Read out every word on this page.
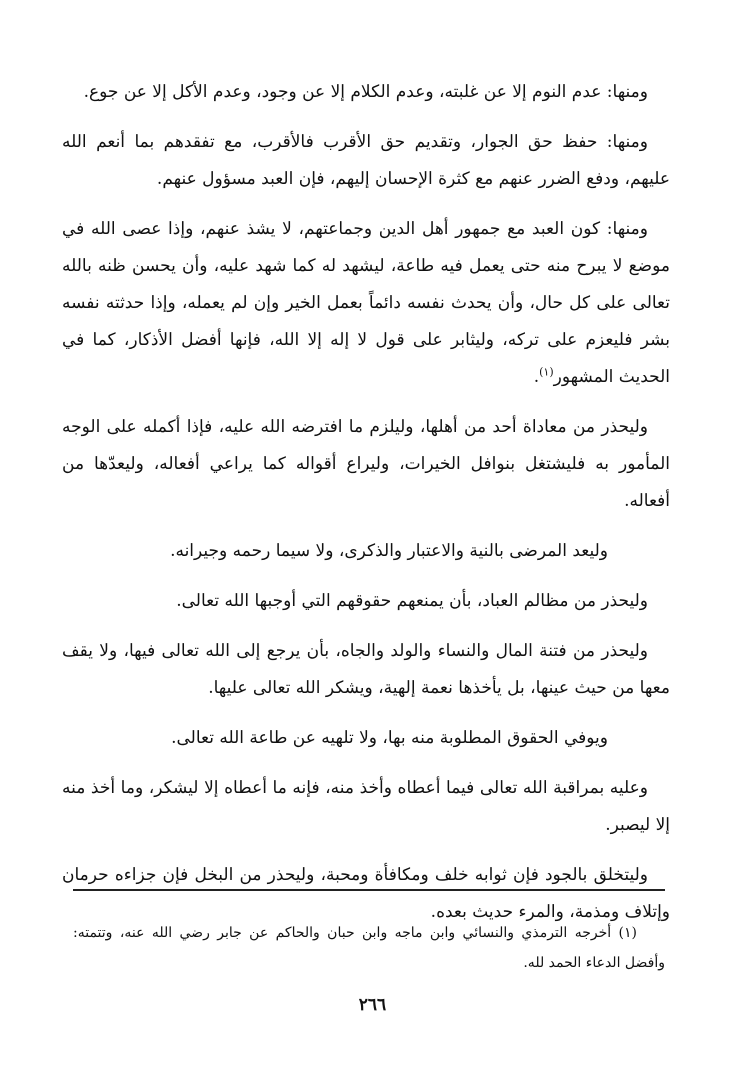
ومنها: عدم النوم إلا عن غلبته، وعدم الكلام إلا عن وجود، وعدم الأكل إلا عن جوع.

ومنها: حفظ حق الجوار، وتقديم حق الأقرب فالأقرب، مع تفقدهم بما أنعم الله عليهم، ودفع الضرر عنهم مع كثرة الإحسان إليهم، فإن العبد مسؤول عنهم.

ومنها: كون العبد مع جمهور أهل الدين وجماعتهم، لا يشذ عنهم، وإذا عصى الله في موضع لا يبرح منه حتى يعمل فيه طاعة، ليشهد له كما شهد عليه، وأن يحسن ظنه بالله تعالى على كل حال، وأن يحدث نفسه دائماً بعمل الخير وإن لم يعمله، وإذا حدثته نفسه بشر فليعزم على تركه، وليثابر على قول لا إله إلا الله، فإنها أفضل الأذكار، كما في الحديث المشهور$^{(١)}$.

وليحذر من معاداة أحد من أهلها، وليلزم ما افترضه الله عليه، فإذا أكمله على الوجه المأمور به فليشتغل بنوافل الخيرات، وليراع أقواله كما يراعي أفعاله، وليعدّها من أفعاله.

وليعد المرضى بالنية والاعتبار والذكرى، ولا سيما رحمه وجيرانه.

وليحذر من مظالم العباد، بأن يمنعهم حقوقهم التي أوجبها الله تعالى.

وليحذر من فتنة المال والنساء والولد والجاه، بأن يرجع إلى الله تعالى فيها، ولا يقف معها من حيث عينها، بل يأخذها نعمة إلهية، ويشكر الله تعالى عليها.

ويوفي الحقوق المطلوبة منه بها، ولا تلهيه عن طاعة الله تعالى.

وعليه بمراقبة الله تعالى فيما أعطاه وأخذ منه، فإنه ما أعطاه إلا ليشكر، وما أخذ منه إلا ليصبر.

وليتخلق بالجود فإن ثوابه خلف ومكافأة ومحبة، وليحذر من البخل فإن جزاءه حرمان وإتلاف ومذمة، والمرء حديث بعده.

(١) أخرجه الترمذي والنسائي وابن ماجه وابن حبان والحاكم عن جابر رضي الله عنه، وتتمته: وأفضل الدعاء الحمد لله.
٢٦٦
